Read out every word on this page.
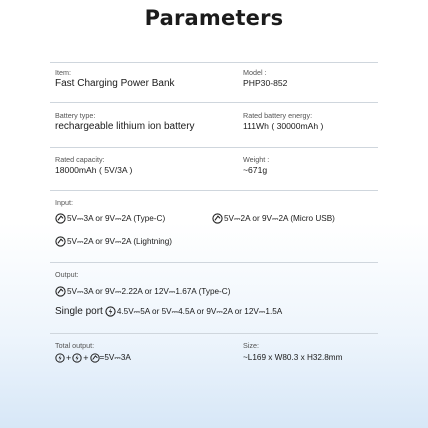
Parameters
Item:
Fast Charging Power Bank
Model :
PHP30-852
Battery type:
rechargeable lithium ion battery
Rated battery energy:
111Wh ( 30000mAh )
Rated capacity:
18000mAh ( 5V/3A )
Weight :
~671g
Input:
5V⎓3A or 9V⎓2A (Type-C)	5V⎓2A or 9V⎓2A (Micro USB)
5V⎓2A or 9V⎓2A (Lightning)
Output:
5V⎓3A or 9V⎓2.22A or 12V⎓1.67A (Type-C)
Single port 4.5V⎓5A or 5V⎓4.5A or 9V⎓2A or 12V⎓1.5A
Total output:
+ + =5V⎓3A
Size:
~L169 x W80.3 x H32.8mm
